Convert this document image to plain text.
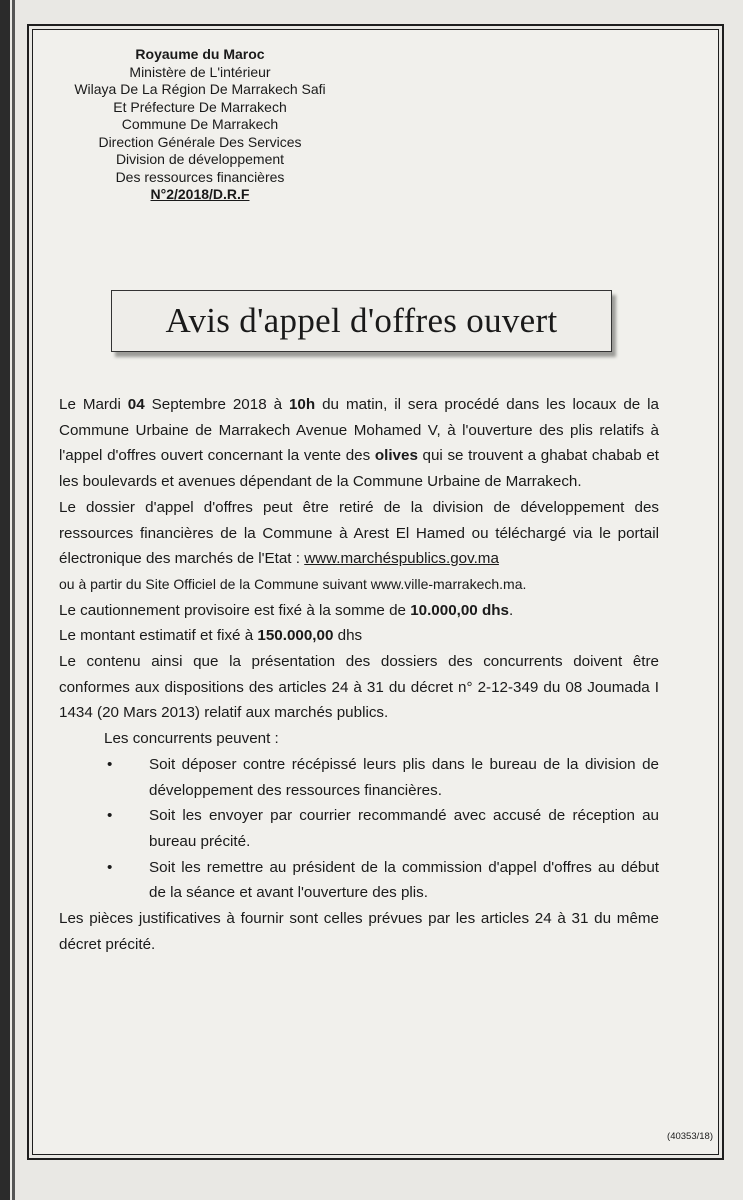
Royaume du Maroc
Ministère de L'intérieur
Wilaya De La Région De Marrakech Safi
Et Préfecture De Marrakech
Commune De Marrakech
Direction Générale Des Services
Division de développement
Des ressources financières
N°2/2018/D.R.F
Avis d'appel d'offres ouvert

Le Mardi 04 Septembre 2018 à 10h du matin, il sera procédé dans les locaux de la Commune Urbaine de Marrakech Avenue Mohamed V, à l'ouverture des plis relatifs à l'appel d'offres ouvert concernant la vente des olives qui se trouvent a ghabat chabab et les boulevards et avenues dépendant de la Commune Urbaine de Marrakech.

Le dossier d'appel d'offres peut être retiré de la division de développement des ressources financières de la Commune à Arest El Hamed ou téléchargé via le portail électronique des marchés de l'Etat : www.marchéspublics.gov.ma

ou à partir du Site Officiel de la Commune suivant www.ville-marrakech.ma.

Le cautionnement provisoire est fixé à la somme de 10.000,00 dhs.

Le montant estimatif et fixé à 150.000,00 dhs

Le contenu ainsi que la présentation des dossiers des concurrents doivent être conformes aux dispositions des articles 24 à 31 du décret n° 2-12-349 du 08 Joumada I 1434 (20 Mars 2013) relatif aux marchés publics.

Les concurrents peuvent :

• Soit déposer contre récépissé leurs plis dans le bureau de la division de développement des ressources financières.
• Soit les envoyer par courrier recommandé avec accusé de réception au bureau précité.
• Soit les remettre au président de la commission d'appel d'offres au début de la séance et avant l'ouverture des plis.

Les pièces justificatives à fournir sont celles prévues par les articles 24 à 31 du même décret précité.

(40353/18)
